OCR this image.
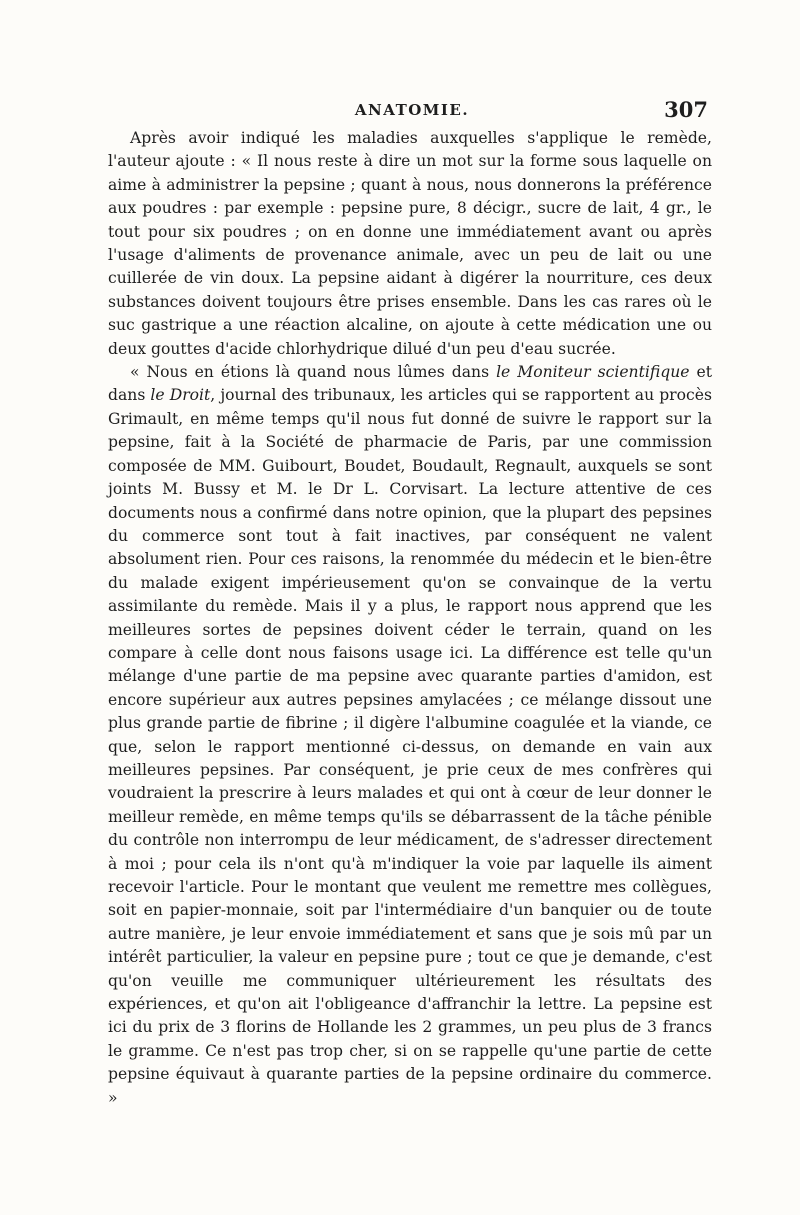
ANATOMIE.	307

Après avoir indiqué les maladies auxquelles s'applique le remède, l'auteur ajoute : « Il nous reste à dire un mot sur la forme sous laquelle on aime à administrer la pepsine ; quant à nous, nous donnerons la préférence aux poudres : par exemple : pepsine pure, 8 décigr., sucre de lait, 4 gr., le tout pour six poudres ; on en donne une immédiatement avant ou après l'usage d'aliments de provenance animale, avec un peu de lait ou une cuillerée de vin doux. La pepsine aidant à digérer la nourriture, ces deux substances doivent toujours être prises ensemble. Dans les cas rares où le suc gastrique a une réaction alcaline, on ajoute à cette médication une ou deux gouttes d'acide chlorhydrique dilué d'un peu d'eau sucrée.

« Nous en étions là quand nous lûmes dans le Moniteur scientifique et dans le Droit, journal des tribunaux, les articles qui se rapportent au procès Grimault, en même temps qu'il nous fut donné de suivre le rapport sur la pepsine, fait à la Société de pharmacie de Paris, par une commission composée de MM. Guibourt, Boudet, Boudault, Regnault, auxquels se sont joints M. Bussy et M. le Dr L. Corvisart. La lecture attentive de ces documents nous a confirmé dans notre opinion, que la plupart des pepsines du commerce sont tout à fait inactives, par conséquent ne valent absolument rien. Pour ces raisons, la renommée du médecin et le bien-être du malade exigent impérieusement qu'on se convainque de la vertu assimilante du remède. Mais il y a plus, le rapport nous apprend que les meilleures sortes de pepsines doivent céder le terrain, quand on les compare à celle dont nous faisons usage ici. La différence est telle qu'un mélange d'une partie de ma pepsine avec quarante parties d'amidon, est encore supérieur aux autres pepsines amylacées ; ce mélange dissout une plus grande partie de fibrine ; il digère l'albumine coagulée et la viande, ce que, selon le rapport mentionné ci-dessus, on demande en vain aux meilleures pepsines. Par conséquent, je prie ceux de mes confrères qui voudraient la prescrire à leurs malades et qui ont à cœur de leur donner le meilleur remède, en même temps qu'ils se débarrassent de la tâche pénible du contrôle non interrompu de leur médicament, de s'adresser directement à moi ; pour cela ils n'ont qu'à m'indiquer la voie par laquelle ils aiment recevoir l'article. Pour le montant que veulent me remettre mes collègues, soit en papier-monnaie, soit par l'intermédiaire d'un banquier ou de toute autre manière, je leur envoie immédiatement et sans que je sois mû par un intérêt particulier, la valeur en pepsine pure ; tout ce que je demande, c'est qu'on veuille me communiquer ultérieurement les résultats des expériences, et qu'on ait l'obligeance d'affranchir la lettre. La pepsine est ici du prix de 3 florins de Hollande les 2 grammes, un peu plus de 3 francs le gramme. Ce n'est pas trop cher, si on se rappelle qu'une partie de cette pepsine équivaut à quarante parties de la pepsine ordinaire du commerce. »
